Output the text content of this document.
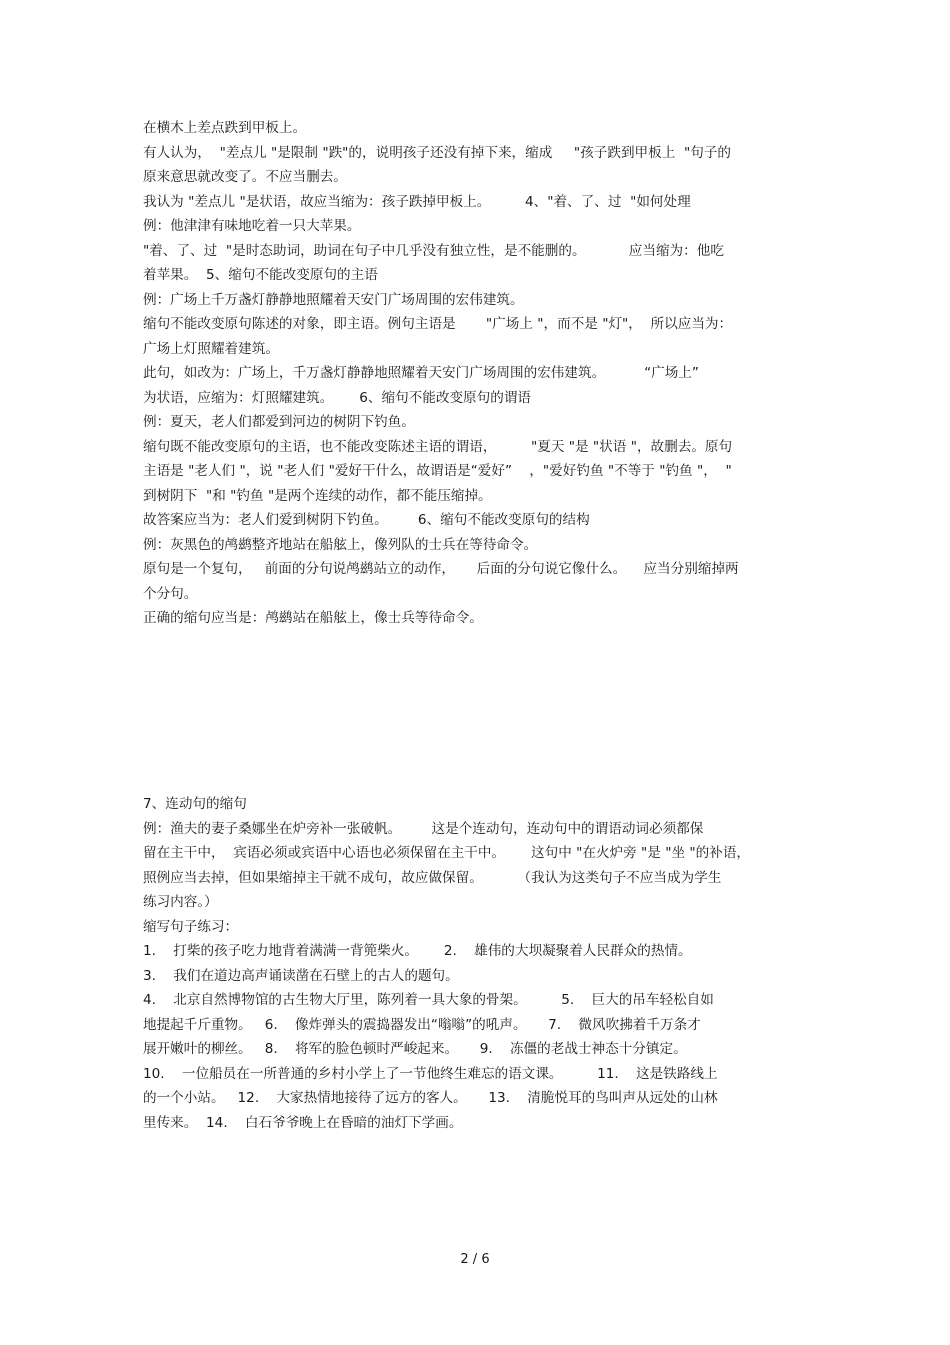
在横木上差点跌到甲板上。
有人认为，  "差点儿 "是限制 "跌"的，说明孩子还没有掉下来，缩成     "孩子跌到甲板上  "句子的
原来意思就改变了。不应当删去。
我认为 "差点儿 "是状语，故应当缩为：孩子跌掉甲板上。        4、"着、了、过  "如何处理
例：他津津有味地吃着一只大苹果。
"着、了、过  "是时态助词，助词在句子中几乎没有独立性，是不能删的。          应当缩为：他吃
着苹果。  5、缩句不能改变原句的主语
例：广场上千万盏灯静静地照耀着天安门广场周围的宏伟建筑。
缩句不能改变原句陈述的对象，即主语。例句主语是       "广场上 "，而不是 "灯"，  所以应当为：
广场上灯照耀着建筑。
此句，如改为：广场上，千万盏灯静静地照耀着天安门广场周围的宏伟建筑。         “广场上”
为状语，应缩为：灯照耀建筑。      6、缩句不能改变原句的谓语
例：夏天，老人们都爱到河边的树阴下钓鱼。
缩句既不能改变原句的主语，也不能改变陈述主语的谓语，        "夏天 "是 "状语 "，故删去。原句
主语是 "老人们 "，说 "老人们 "爱好干什么，故谓语是“爱好”    ，"爱好钓鱼 "不等于 "钓鱼 "，  "
到树阴下  "和 "钓鱼 "是两个连续的动作，都不能压缩掉。
故答案应当为：老人们爱到树阴下钓鱼。       6、缩句不能改变原句的结构
例：灰黑色的鸬鹚整齐地站在船舷上，像列队的士兵在等待命令。
原句是一个复句，   前面的分句说鸬鹚站立的动作，     后面的分句说它像什么。    应当分别缩掉两
个分句。
正确的缩句应当是：鸬鹚站在船舷上，像士兵等待命令。
7、连动句的缩句
例：渔夫的妻子桑娜坐在炉旁补一张破帆。       这是个连动句，连动句中的谓语动词必须都保
留在主干中，  宾语必须或宾语中心语也必须保留在主干中。      这句中 "在火炉旁 "是 "坐 "的补语，
照例应当去掉，但如果缩掉主干就不成句，故应做保留。        （我认为这类句子不应当成为学生
练习内容。）
缩写句子练习：
1.    打柴的孩子吃力地背着满满一背篼柴火。      2.    雄伟的大坝凝聚着人民群众的热情。
3.    我们在道边高声诵读凿在石壁上的古人的题句。
4.    北京自然博物馆的古生物大厅里，陈列着一具大象的骨架。        5.    巨大的吊车轻松自如
地提起千斤重物。   6.    像炸弹头的震捣器发出“嗡嗡”的吼声。     7.    微风吹拂着千万条才
展开嫩叶的柳丝。   8.    将军的脸色顿时严峻起来。     9.    冻僵的老战士神态十分镇定。
10.    一位船员在一所普通的乡村小学上了一节他终生难忘的语文课。        11.    这是铁路线上
的一个小站。   12.    大家热情地接待了远方的客人。     13.    清脆悦耳的鸟叫声从远处的山林
里传来。  14.    白石爷爷晚上在昏暗的油灯下学画。
2 / 6
